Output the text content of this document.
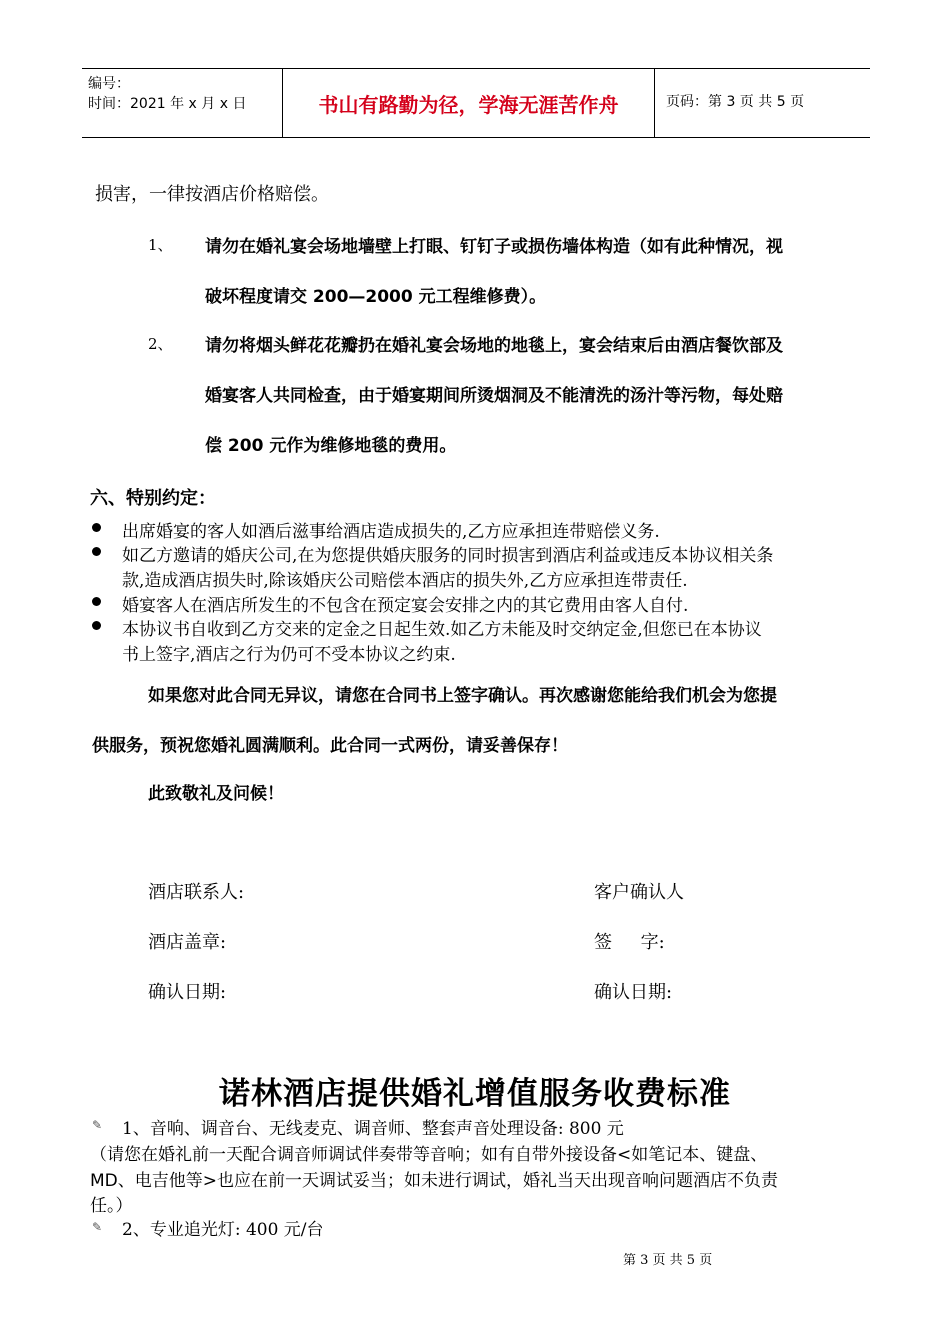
编号：
时间：2021 年 x 月 x 日	书山有路勤为径，学海无涯苦作舟	页码：第 3 页 共 5 页
损害，一律按酒店价格赔偿。
1、 请勿在婚礼宴会场地墙壁上打眼、钉钉子或损伤墙体构造（如有此种情况，视
破坏程度请交 200—2000 元工程维修费）。
2、 请勿将烟头鲜花花瓣扔在婚礼宴会场地的地毯上，宴会结束后由酒店餐饮部及
婚宴客人共同检查，由于婚宴期间所烫烟洞及不能清洗的汤汁等污物，每处赔
偿 200 元作为维修地毯的费用。
六、特别约定：
出席婚宴的客人如酒后滋事给酒店造成损失的,乙方应承担连带赔偿义务.
如乙方邀请的婚庆公司,在为您提供婚庆服务的同时损害到酒店利益或违反本协议相关条
款,造成酒店损失时,除该婚庆公司赔偿本酒店的损失外,乙方应承担连带责任.
婚宴客人在酒店所发生的不包含在预定宴会安排之内的其它费用由客人自付.
本协议书自收到乙方交来的定金之日起生效.如乙方未能及时交纳定金,但您已在本协议
书上签字,酒店之行为仍可不受本协议之约束.
如果您对此合同无异议，请您在合同书上签字确认。再次感谢您能给我们机会为您提
供服务，预祝您婚礼圆满顺利。此合同一式两份，请妥善保存！
此致敬礼及问候！
酒店联系人:	客户确认人
酒店盖章:	签     字:
确认日期:	确认日期:
诺林酒店提供婚礼增值服务收费标准
✎ 1、音响、调音台、无线麦克、调音师、整套声音处理设备: 800 元
（请您在婚礼前一天配合调音师调试伴奏带等音响；如有自带外接设备<如笔记本、键盘、
MD、电吉他等>也应在前一天调试妥当；如未进行调试，婚礼当天出现音响问题酒店不负责
任。）
✎ 2、专业追光灯: 400 元/台
第 3 页 共 5 页
